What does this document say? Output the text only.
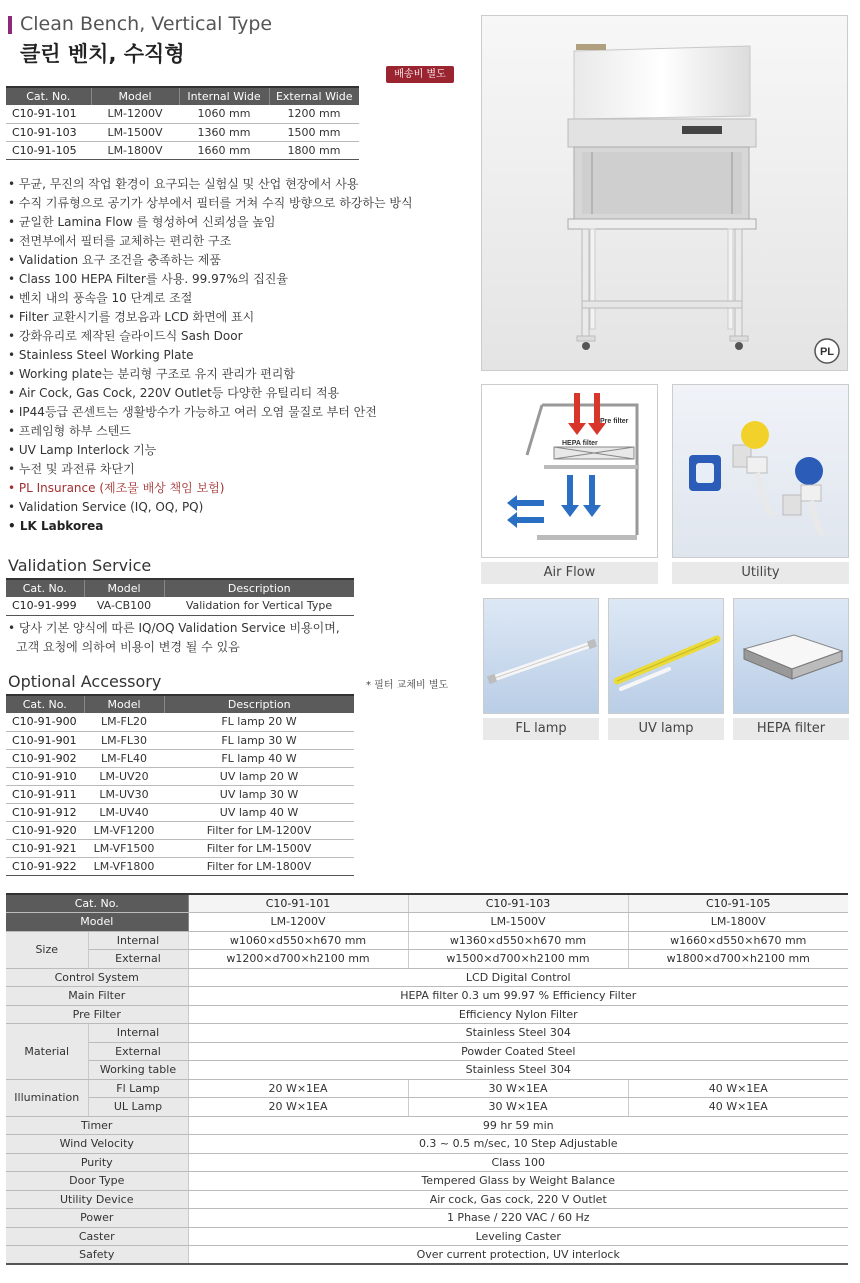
Clean Bench, Vertical Type
클린 벤치, 수직형
배송비 별도
Cat. No.	Model	Internal Wide	External Wide
C10-91-101	LM-1200V	1060 mm	1200 mm
C10-91-103	LM-1500V	1360 mm	1500 mm
C10-91-105	LM-1800V	1660 mm	1800 mm
• 무균, 무진의 작업 환경이 요구되는 실험실 및 산업 현장에서 사용
• 수직 기류형으로 공기가 상부에서 필터를 거쳐 수직 방향으로 하강하는 방식
• 균일한 Lamina Flow 를 형성하여 신뢰성을 높임
• 전면부에서 필터를 교체하는 편리한 구조
• Validation 요구 조건을 충족하는 제품
• Class 100 HEPA Filter를 사용. 99.97%의 집진율
• 벤치 내의 풍속을 10 단계로 조절
• Filter 교환시기를 경보음과 LCD 화면에 표시
• 강화유리로 제작된 슬라이드식 Sash Door
• Stainless Steel Working Plate
• Working plate는 분리형 구조로 유지 관리가 편리함
• Air Cock, Gas Cock, 220V Outlet등 다양한 유틸리티 적용
• IP44등급 콘센트는 생활방수가 가능하고 여러 오염 물질로 부터 안전
• 프레임형 하부 스텐드
• UV Lamp Interlock 기능
• 누전 및 과전류 차단기
• PL Insurance (제조물 배상 책임 보험)
• Validation Service (IQ, OQ, PQ)
• LK Labkorea
Validation Service
Cat. No.	Model	Description
C10-91-999	VA-CB100	Validation for Vertical Type
• 당사 기본 양식에 따른 IQ/OQ Validation Service 비용이며,
고객 요청에 의하여 비용이 변경 될 수 있음
Optional Accessory	* 필터 교체비 별도
Cat. No.	Model	Description
C10-91-900	LM-FL20	FL lamp 20 W
C10-91-901	LM-FL30	FL lamp 30 W
C10-91-902	LM-FL40	FL lamp 40 W
C10-91-910	LM-UV20	UV lamp 20 W
C10-91-911	LM-UV30	UV lamp 30 W
C10-91-912	LM-UV40	UV lamp 40 W
C10-91-920	LM-VF1200	Filter for LM-1200V
C10-91-921	LM-VF1500	Filter for LM-1500V
C10-91-922	LM-VF1800	Filter for LM-1800V
PL
Pre filter
HEPA filter
Air Flow	Utility
FL lamp	UV lamp	HEPA filter
Cat. No.		C10-91-101	C10-91-103	C10-91-105
Model		LM-1200V	LM-1500V	LM-1800V
Size	Internal	w1060×d550×h670 mm	w1360×d550×h670 mm	w1660×d550×h670 mm
	External	w1200×d700×h2100 mm	w1500×d700×h2100 mm	w1800×d700×h2100 mm
Control System		LCD Digital Control		
Main Filter		HEPA filter 0.3 um 99.97 % Efficiency Filter		
Pre Filter		Efficiency Nylon Filter		
Material	Internal	Stainless Steel 304		
	External	Powder Coated Steel		
	Working table	Stainless Steel 304		
Illumination	Fl Lamp	20 W×1EA	30 W×1EA	40 W×1EA
	UL Lamp	20 W×1EA	30 W×1EA	40 W×1EA
Timer		99 hr 59 min		
Wind Velocity		0.3 ~ 0.5 m/sec, 10 Step Adjustable		
Purity		Class 100		
Door Type		Tempered Glass by Weight Balance		
Utility Device		Air cock, Gas cock, 220 V Outlet		
Power		1 Phase / 220 VAC / 60 Hz		
Caster		Leveling Caster		
Safety		Over current protection, UV interlock		
